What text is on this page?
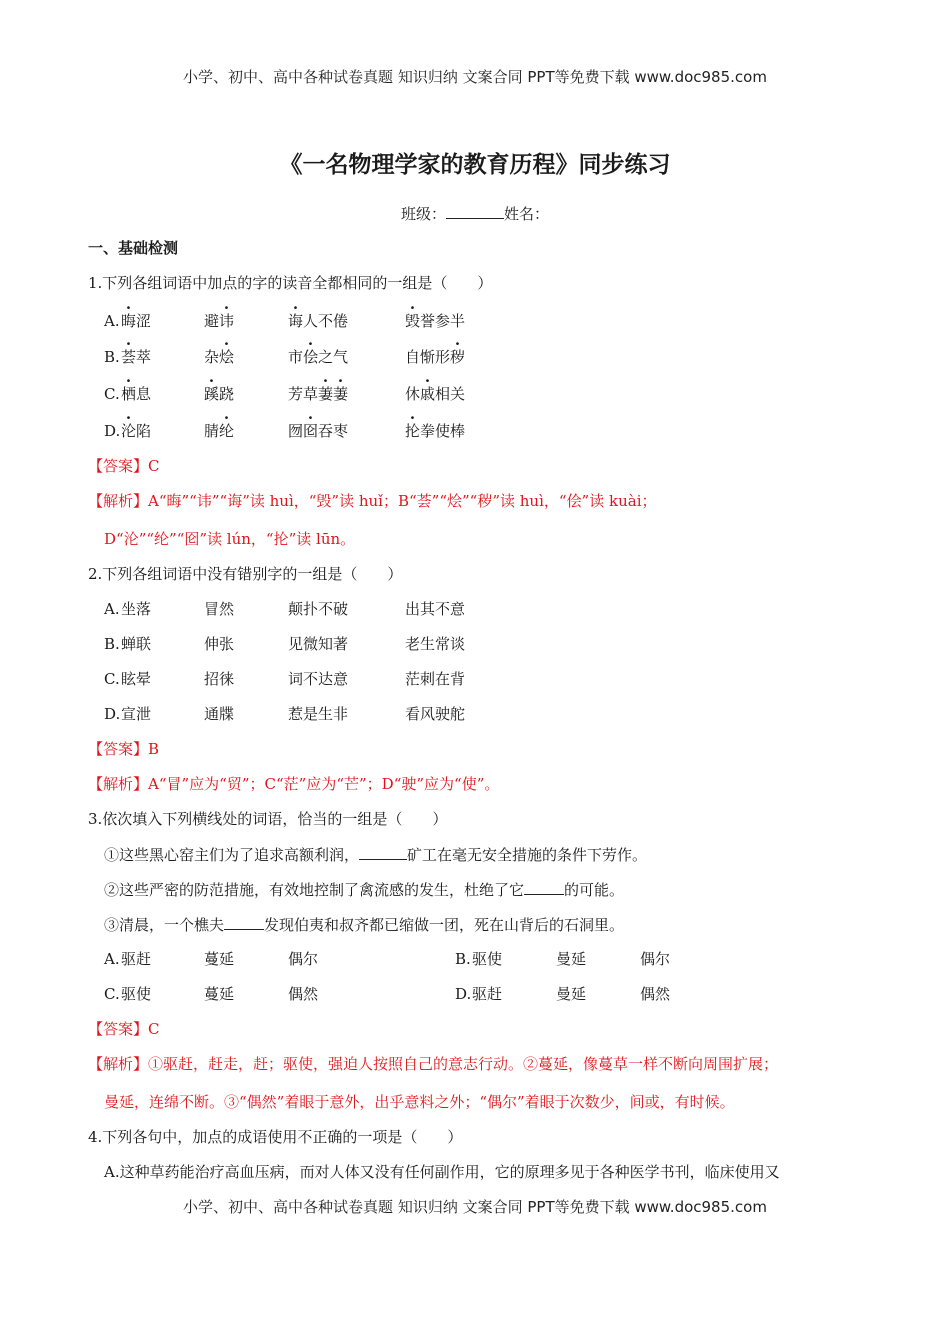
小学、初中、高中各种试卷真题 知识归纳 文案合同 PPT等免费下载 www.doc985.com
《一名物理学家的教育历程》同步练习
班级：	姓名：
一、基础检测
1.下列各组词语中加点的字的读音全都相同的一组是（　　）
A. 晦涩	避讳	诲人不倦	毁誉参半
B. 荟萃	杂烩	市侩之气	自惭形秽
C. 栖息	蹊跷	芳草萋萋	休戚相关
D. 沦陷	腈纶	囫囵吞枣	抡拳使棒
【答案】C
【解析】A“晦”“讳”“诲”读 huì，“毁”读 huǐ；B“荟”“烩”“秽”读 huì，“侩”读 kuài；
D“沦”“纶”“囵”读 lún，“抡”读 lūn。
2.下列各组词语中没有错别字的一组是（　　）
A. 坐落	冒然	颠扑不破	出其不意
B. 蝉联	伸张	见微知著	老生常谈
C. 眩晕	招徕	词不达意	茫刺在背
D. 宣泄	通牒	惹是生非	看风驶舵
【答案】B
【解析】A“冒”应为“贸”；C“茫”应为“芒”；D“驶”应为“使”。
3.依次填入下列横线处的词语，恰当的一组是（　　）
①这些黑心窑主们为了追求高额利润，	矿工在毫无安全措施的条件下劳作。
②这些严密的防范措施，有效地控制了禽流感的发生，杜绝了它	的可能。
③清晨，一个樵夫	发现伯夷和叔齐都已缩做一团，死在山背后的石洞里。
A. 驱赶	蔓延	偶尔	B. 驱使	曼延	偶尔
C. 驱使	蔓延	偶然	D. 驱赶	曼延	偶然
【答案】C
【解析】①驱赶，赶走，赶；驱使，强迫人按照自己的意志行动。②蔓延，像蔓草一样不断向周围扩展；
曼延，连绵不断。③“偶然”着眼于意外，出乎意料之外；“偶尔”着眼于次数少，间或，有时候。
4.下列各句中，加点的成语使用不正确的一项是（　　）
A.这种草药能治疗高血压病，而对人体又没有任何副作用，它的原理多见于各种医学书刊，临床使用又
小学、初中、高中各种试卷真题 知识归纳 文案合同 PPT等免费下载 www.doc985.com
